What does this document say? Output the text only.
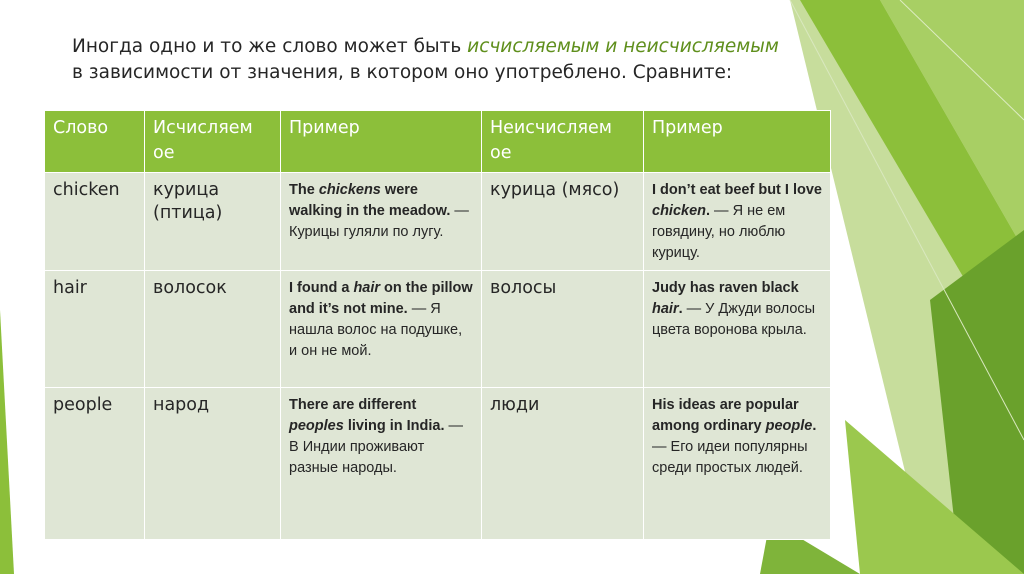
Иногда одно и то же слово может быть исчисляемым и неисчисляемым
в зависимости от значения, в котором оно употреблено. Сравните:
Слово	Исчисляем ое	Пример	Неисчисляем ое	Пример
chicken	курица (птица)	The chickens were walking in the meadow. — Курицы гуляли по лугу.	курица (мясо)	I don’t eat beef but I love chicken. — Я не ем говядину, но люблю курицу.
hair	волосок	I found a hair on the pillow and it’s not mine. — Я нашла волос на подушке, и он не мой.	волосы	Judy has raven black hair. — У Джуди волосы цвета воронова крыла.
people	народ	There are different peoples living in India. — В Индии проживают разные народы.	люди	His ideas are popular among ordinary people. — Его идеи популярны среди простых людей.
